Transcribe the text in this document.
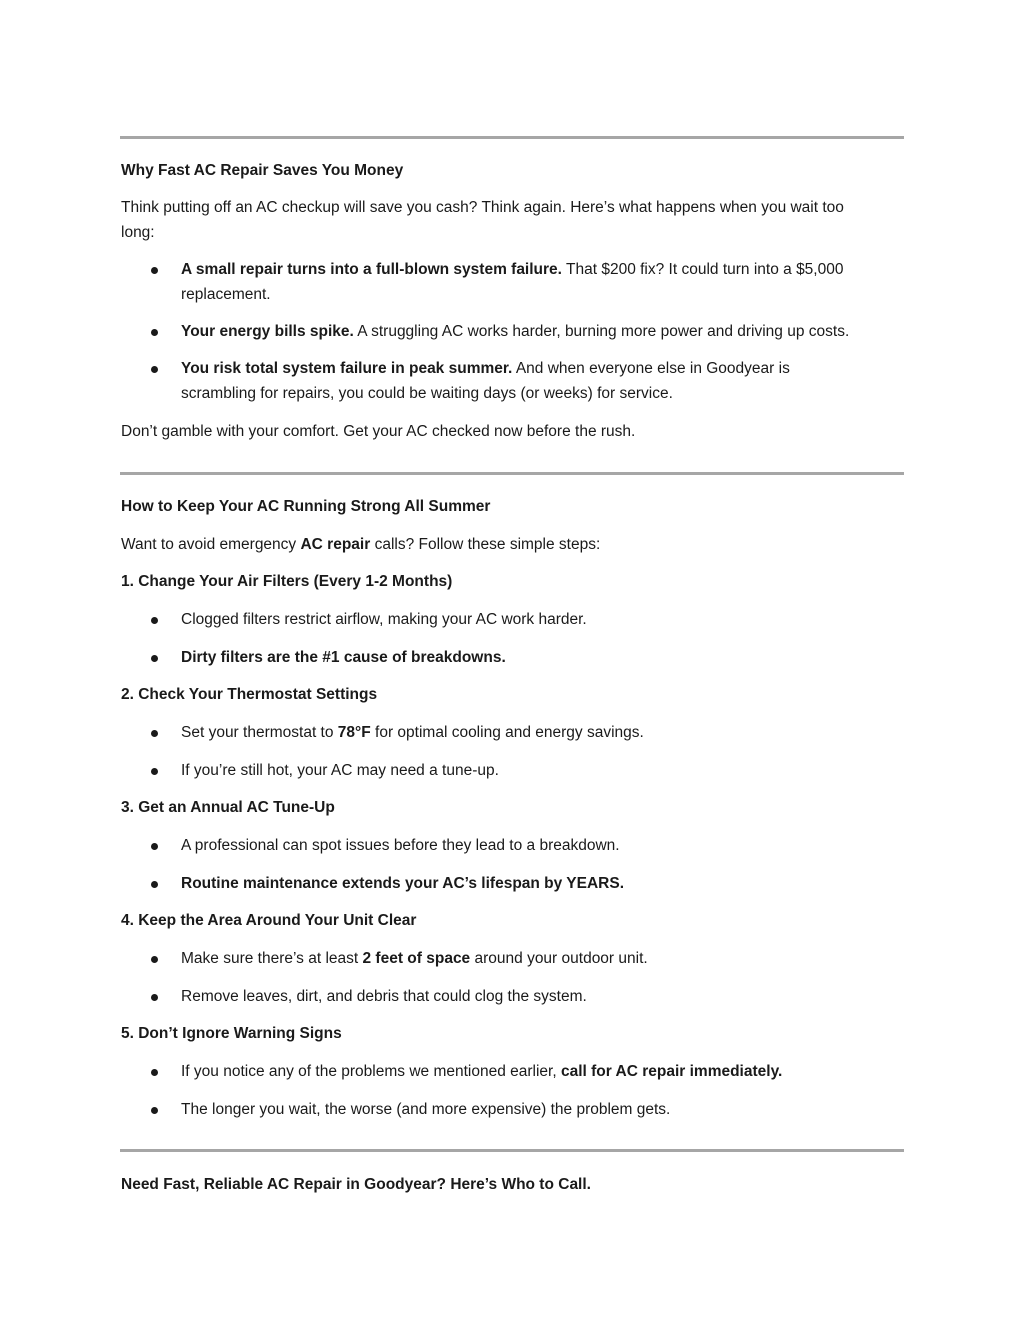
Why Fast AC Repair Saves You Money
Think putting off an AC checkup will save you cash? Think again. Here’s what happens when you wait too
long:
A small repair turns into a full-blown system failure. That $200 fix? It could turn into a $5,000
replacement.
Your energy bills spike. A struggling AC works harder, burning more power and driving up costs.
You risk total system failure in peak summer. And when everyone else in Goodyear is
scrambling for repairs, you could be waiting days (or weeks) for service.
Don’t gamble with your comfort. Get your AC checked now before the rush.
How to Keep Your AC Running Strong All Summer
Want to avoid emergency AC repair calls? Follow these simple steps:
1. Change Your Air Filters (Every 1-2 Months)
Clogged filters restrict airflow, making your AC work harder.
Dirty filters are the #1 cause of breakdowns.
2. Check Your Thermostat Settings
Set your thermostat to 78°F for optimal cooling and energy savings.
If you’re still hot, your AC may need a tune-up.
3. Get an Annual AC Tune-Up
A professional can spot issues before they lead to a breakdown.
Routine maintenance extends your AC’s lifespan by YEARS.
4. Keep the Area Around Your Unit Clear
Make sure there’s at least 2 feet of space around your outdoor unit.
Remove leaves, dirt, and debris that could clog the system.
5. Don’t Ignore Warning Signs
If you notice any of the problems we mentioned earlier, call for AC repair immediately.
The longer you wait, the worse (and more expensive) the problem gets.
Need Fast, Reliable AC Repair in Goodyear? Here’s Who to Call.
